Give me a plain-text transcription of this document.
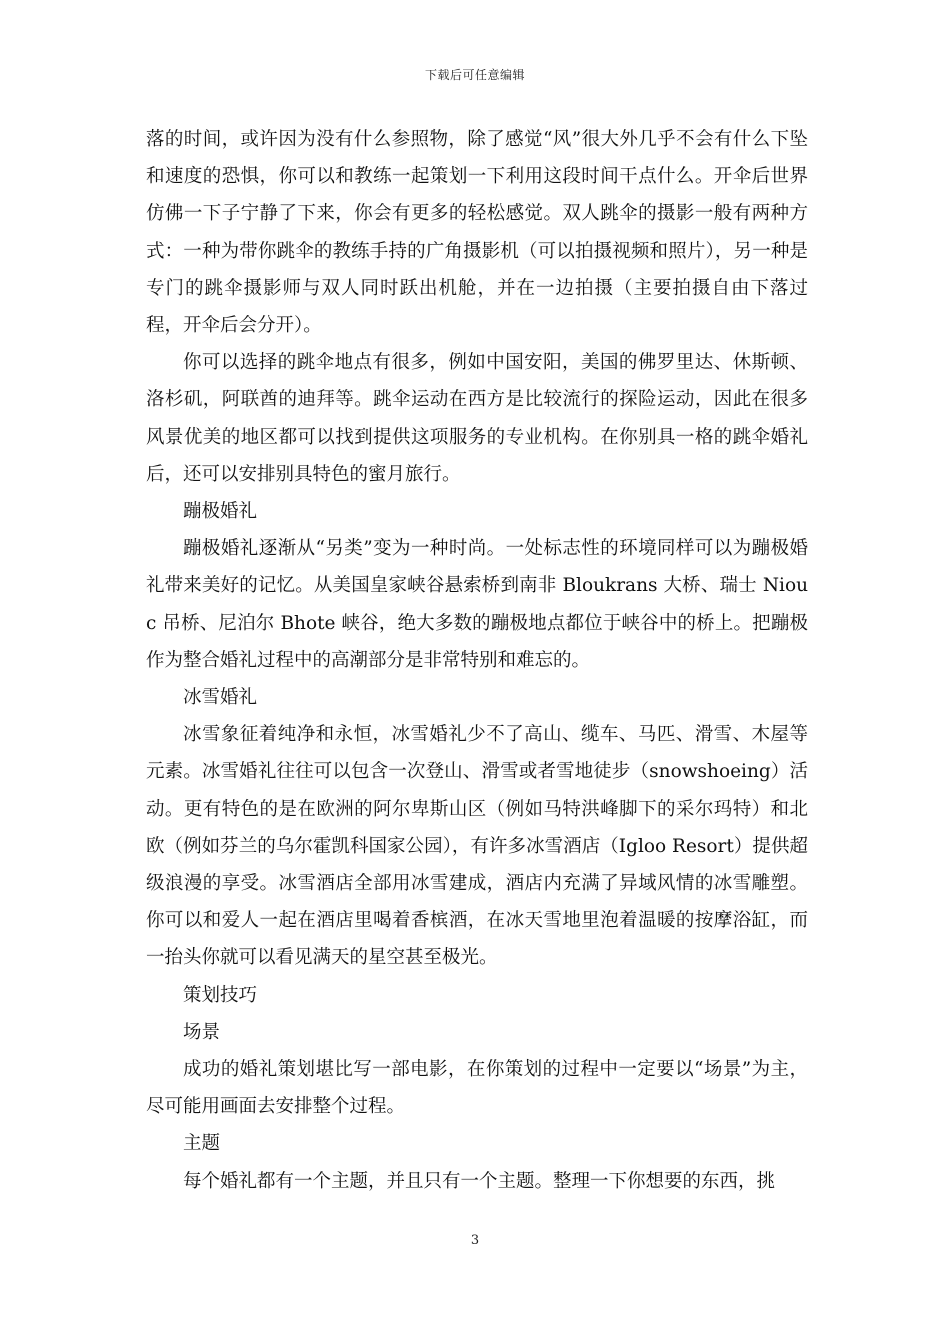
下载后可任意编辑

落的时间，或许因为没有什么参照物，除了感觉“风”很大外几乎不会有什么下坠和速度的恐惧，你可以和教练一起策划一下利用这段时间干点什么。开伞后世界仿佛一下子宁静了下来，你会有更多的轻松感觉。双人跳伞的摄影一般有两种方式：一种为带你跳伞的教练手持的广角摄影机（可以拍摄视频和照片），另一种是专门的跳伞摄影师与双人同时跃出机舱，并在一边拍摄（主要拍摄自由下落过程，开伞后会分开）。

你可以选择的跳伞地点有很多，例如中国安阳，美国的佛罗里达、休斯顿、洛杉矶，阿联酋的迪拜等。跳伞运动在西方是比较流行的探险运动，因此在很多风景优美的地区都可以找到提供这项服务的专业机构。在你别具一格的跳伞婚礼后，还可以安排别具特色的蜜月旅行。

蹦极婚礼

蹦极婚礼逐渐从“另类”变为一种时尚。一处标志性的环境同样可以为蹦极婚礼带来美好的记忆。从美国皇家峡谷悬索桥到南非 Bloukrans 大桥、瑞士 Niouc 吊桥、尼泊尔 Bhote 峡谷，绝大多数的蹦极地点都位于峡谷中的桥上。把蹦极作为整合婚礼过程中的高潮部分是非常特别和难忘的。

冰雪婚礼

冰雪象征着纯净和永恒，冰雪婚礼少不了高山、缆车、马匹、滑雪、木屋等元素。冰雪婚礼往往可以包含一次登山、滑雪或者雪地徒步（snowshoeing）活动。更有特色的是在欧洲的阿尔卑斯山区（例如马特洪峰脚下的采尔玛特）和北欧（例如芬兰的乌尔霍凯科国家公园），有许多冰雪酒店（Igloo Resort）提供超级浪漫的享受。冰雪酒店全部用冰雪建成，酒店内充满了异域风情的冰雪雕塑。你可以和爱人一起在酒店里喝着香槟酒，在冰天雪地里泡着温暖的按摩浴缸，而一抬头你就可以看见满天的星空甚至极光。

策划技巧

场景

成功的婚礼策划堪比写一部电影，在你策划的过程中一定要以“场景”为主，尽可能用画面去安排整个过程。

主题

每个婚礼都有一个主题，并且只有一个主题。整理一下你想要的东西，挑

3
